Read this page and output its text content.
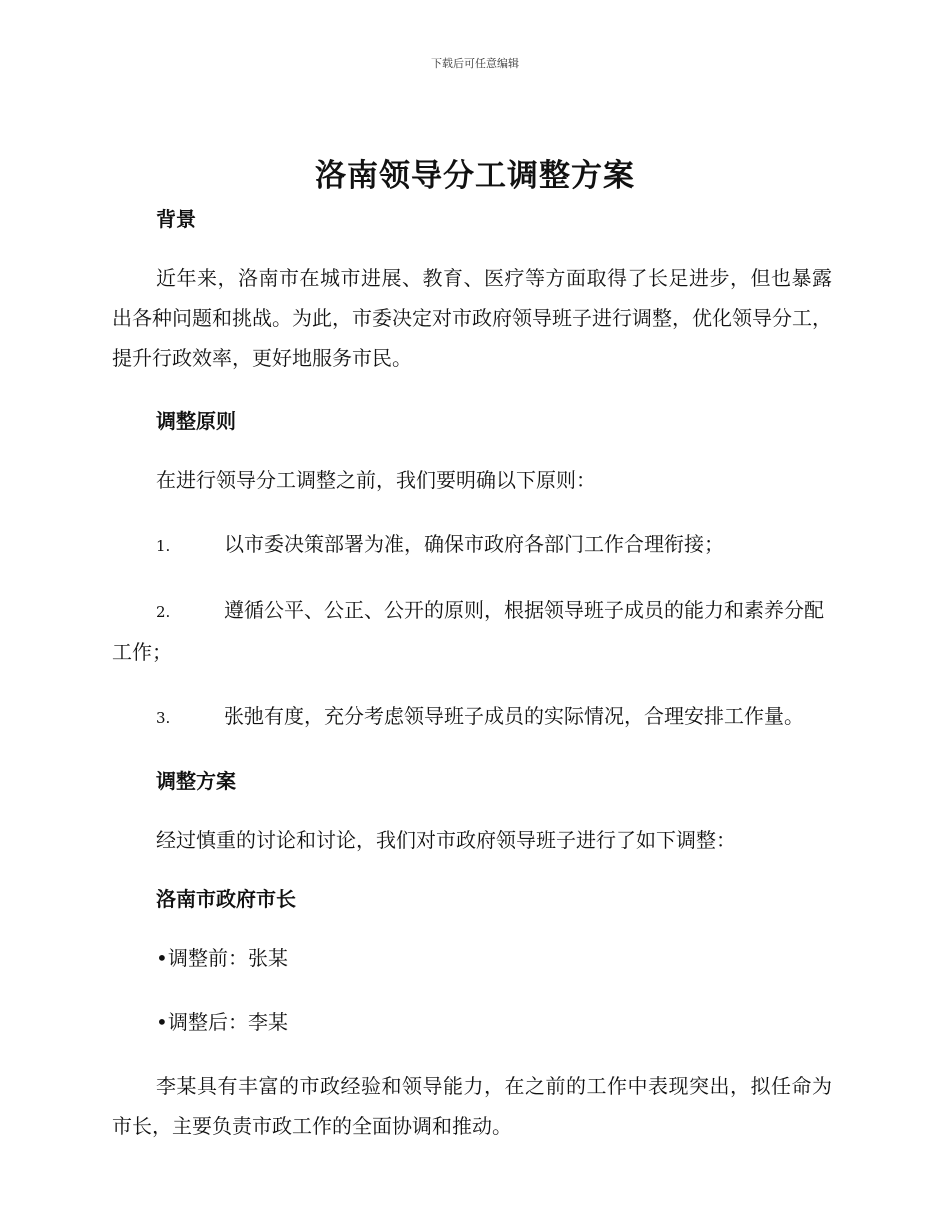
下载后可任意编辑
洛南领导分工调整方案

背景

近年来，洛南市在城市进展、教育、医疗等方面取得了长足进步，但也暴露出各种问题和挑战。为此，市委决定对市政府领导班子进行调整，优化领导分工，提升行政效率，更好地服务市民。

调整原则

在进行领导分工调整之前，我们要明确以下原则：

1.	以市委决策部署为准，确保市政府各部门工作合理衔接；

2.	遵循公平、公正、公开的原则，根据领导班子成员的能力和素养分配工作；

3.	张弛有度，充分考虑领导班子成员的实际情况，合理安排工作量。

调整方案

经过慎重的讨论和讨论，我们对市政府领导班子进行了如下调整：

洛南市政府市长

•调整前：张某

•调整后：李某

李某具有丰富的市政经验和领导能力，在之前的工作中表现突出，拟任命为市长，主要负责市政工作的全面协调和推动。
